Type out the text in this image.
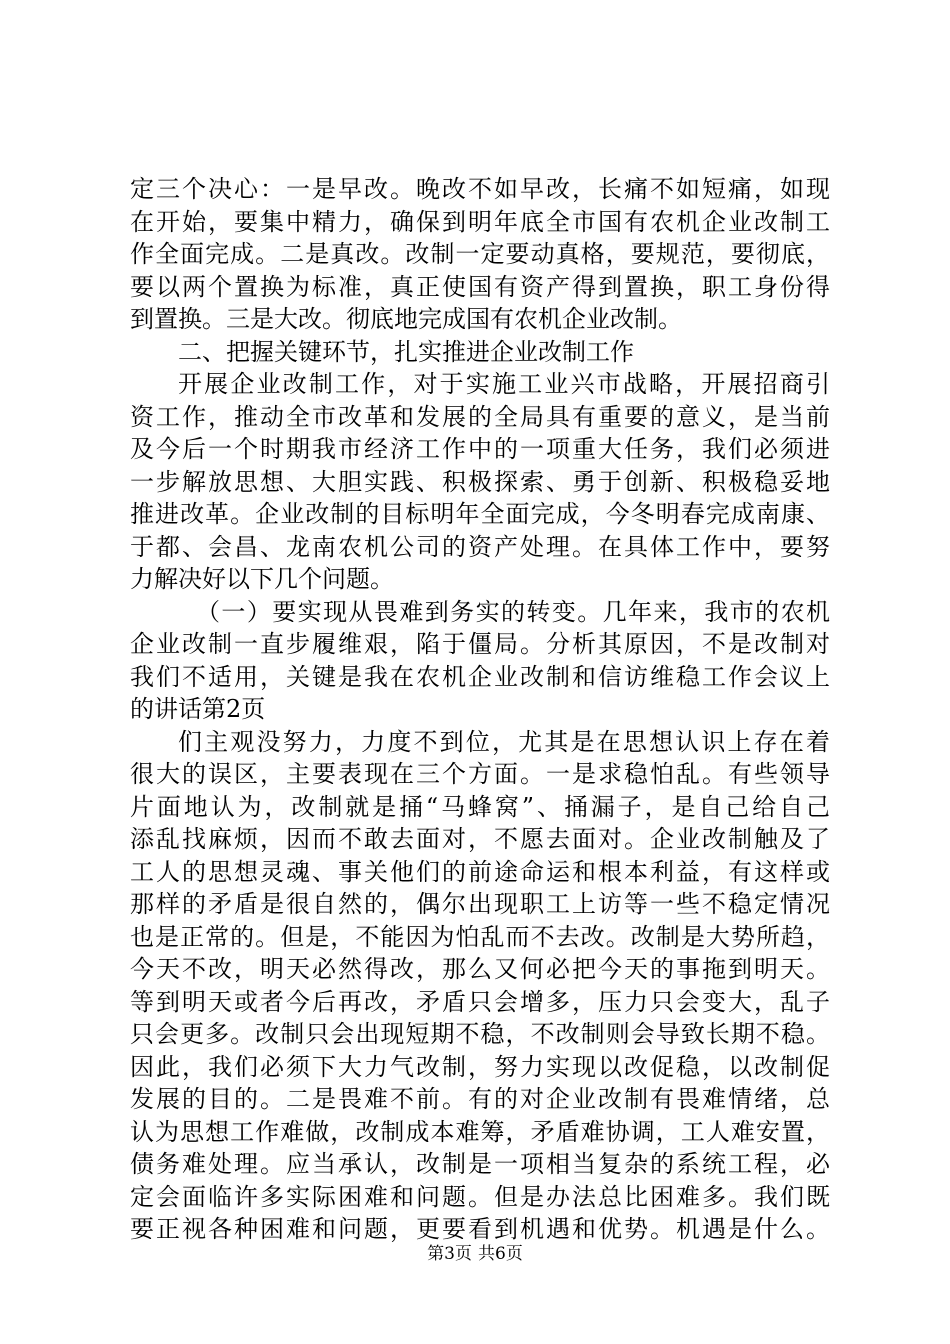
定三个决心：一是早改。晚改不如早改，长痛不如短痛，如现
在开始，要集中精力，确保到明年底全市国有农机企业改制工
作全面完成。二是真改。改制一定要动真格，要规范，要彻底，
要以两个置换为标准，真正使国有资产得到置换，职工身份得
到置换。三是大改。彻底地完成国有农机企业改制。
二、把握关键环节，扎实推进企业改制工作
开展企业改制工作，对于实施工业兴市战略，开展招商引
资工作，推动全市改革和发展的全局具有重要的意义，是当前
及今后一个时期我市经济工作中的一项重大任务，我们必须进
一步解放思想、大胆实践、积极探索、勇于创新、积极稳妥地
推进改革。企业改制的目标明年全面完成，今冬明春完成南康、
于都、会昌、龙南农机公司的资产处理。在具体工作中，要努
力解决好以下几个问题。
（一）要实现从畏难到务实的转变。几年来，我市的农机
企业改制一直步履维艰，陷于僵局。分析其原因，不是改制对
我们不适用，关键是我在农机企业改制和信访维稳工作会议上
的讲话第2页
们主观没努力，力度不到位，尤其是在思想认识上存在着
很大的误区，主要表现在三个方面。一是求稳怕乱。有些领导
片面地认为，改制就是捅“马蜂窝”、捅漏子，是自己给自己
添乱找麻烦，因而不敢去面对，不愿去面对。企业改制触及了
工人的思想灵魂、事关他们的前途命运和根本利益，有这样或
那样的矛盾是很自然的，偶尔出现职工上访等一些不稳定情况
也是正常的。但是，不能因为怕乱而不去改。改制是大势所趋，
今天不改，明天必然得改，那么又何必把今天的事拖到明天。
等到明天或者今后再改，矛盾只会增多，压力只会变大，乱子
只会更多。改制只会出现短期不稳，不改制则会导致长期不稳。
因此，我们必须下大力气改制，努力实现以改促稳，以改制促
发展的目的。二是畏难不前。有的对企业改制有畏难情绪，总
认为思想工作难做，改制成本难筹，矛盾难协调，工人难安置，
债务难处理。应当承认，改制是一项相当复杂的系统工程，必
定会面临许多实际困难和问题。但是办法总比困难多。我们既
要正视各种困难和问题，更要看到机遇和优势。机遇是什么。
第3页 共6页
